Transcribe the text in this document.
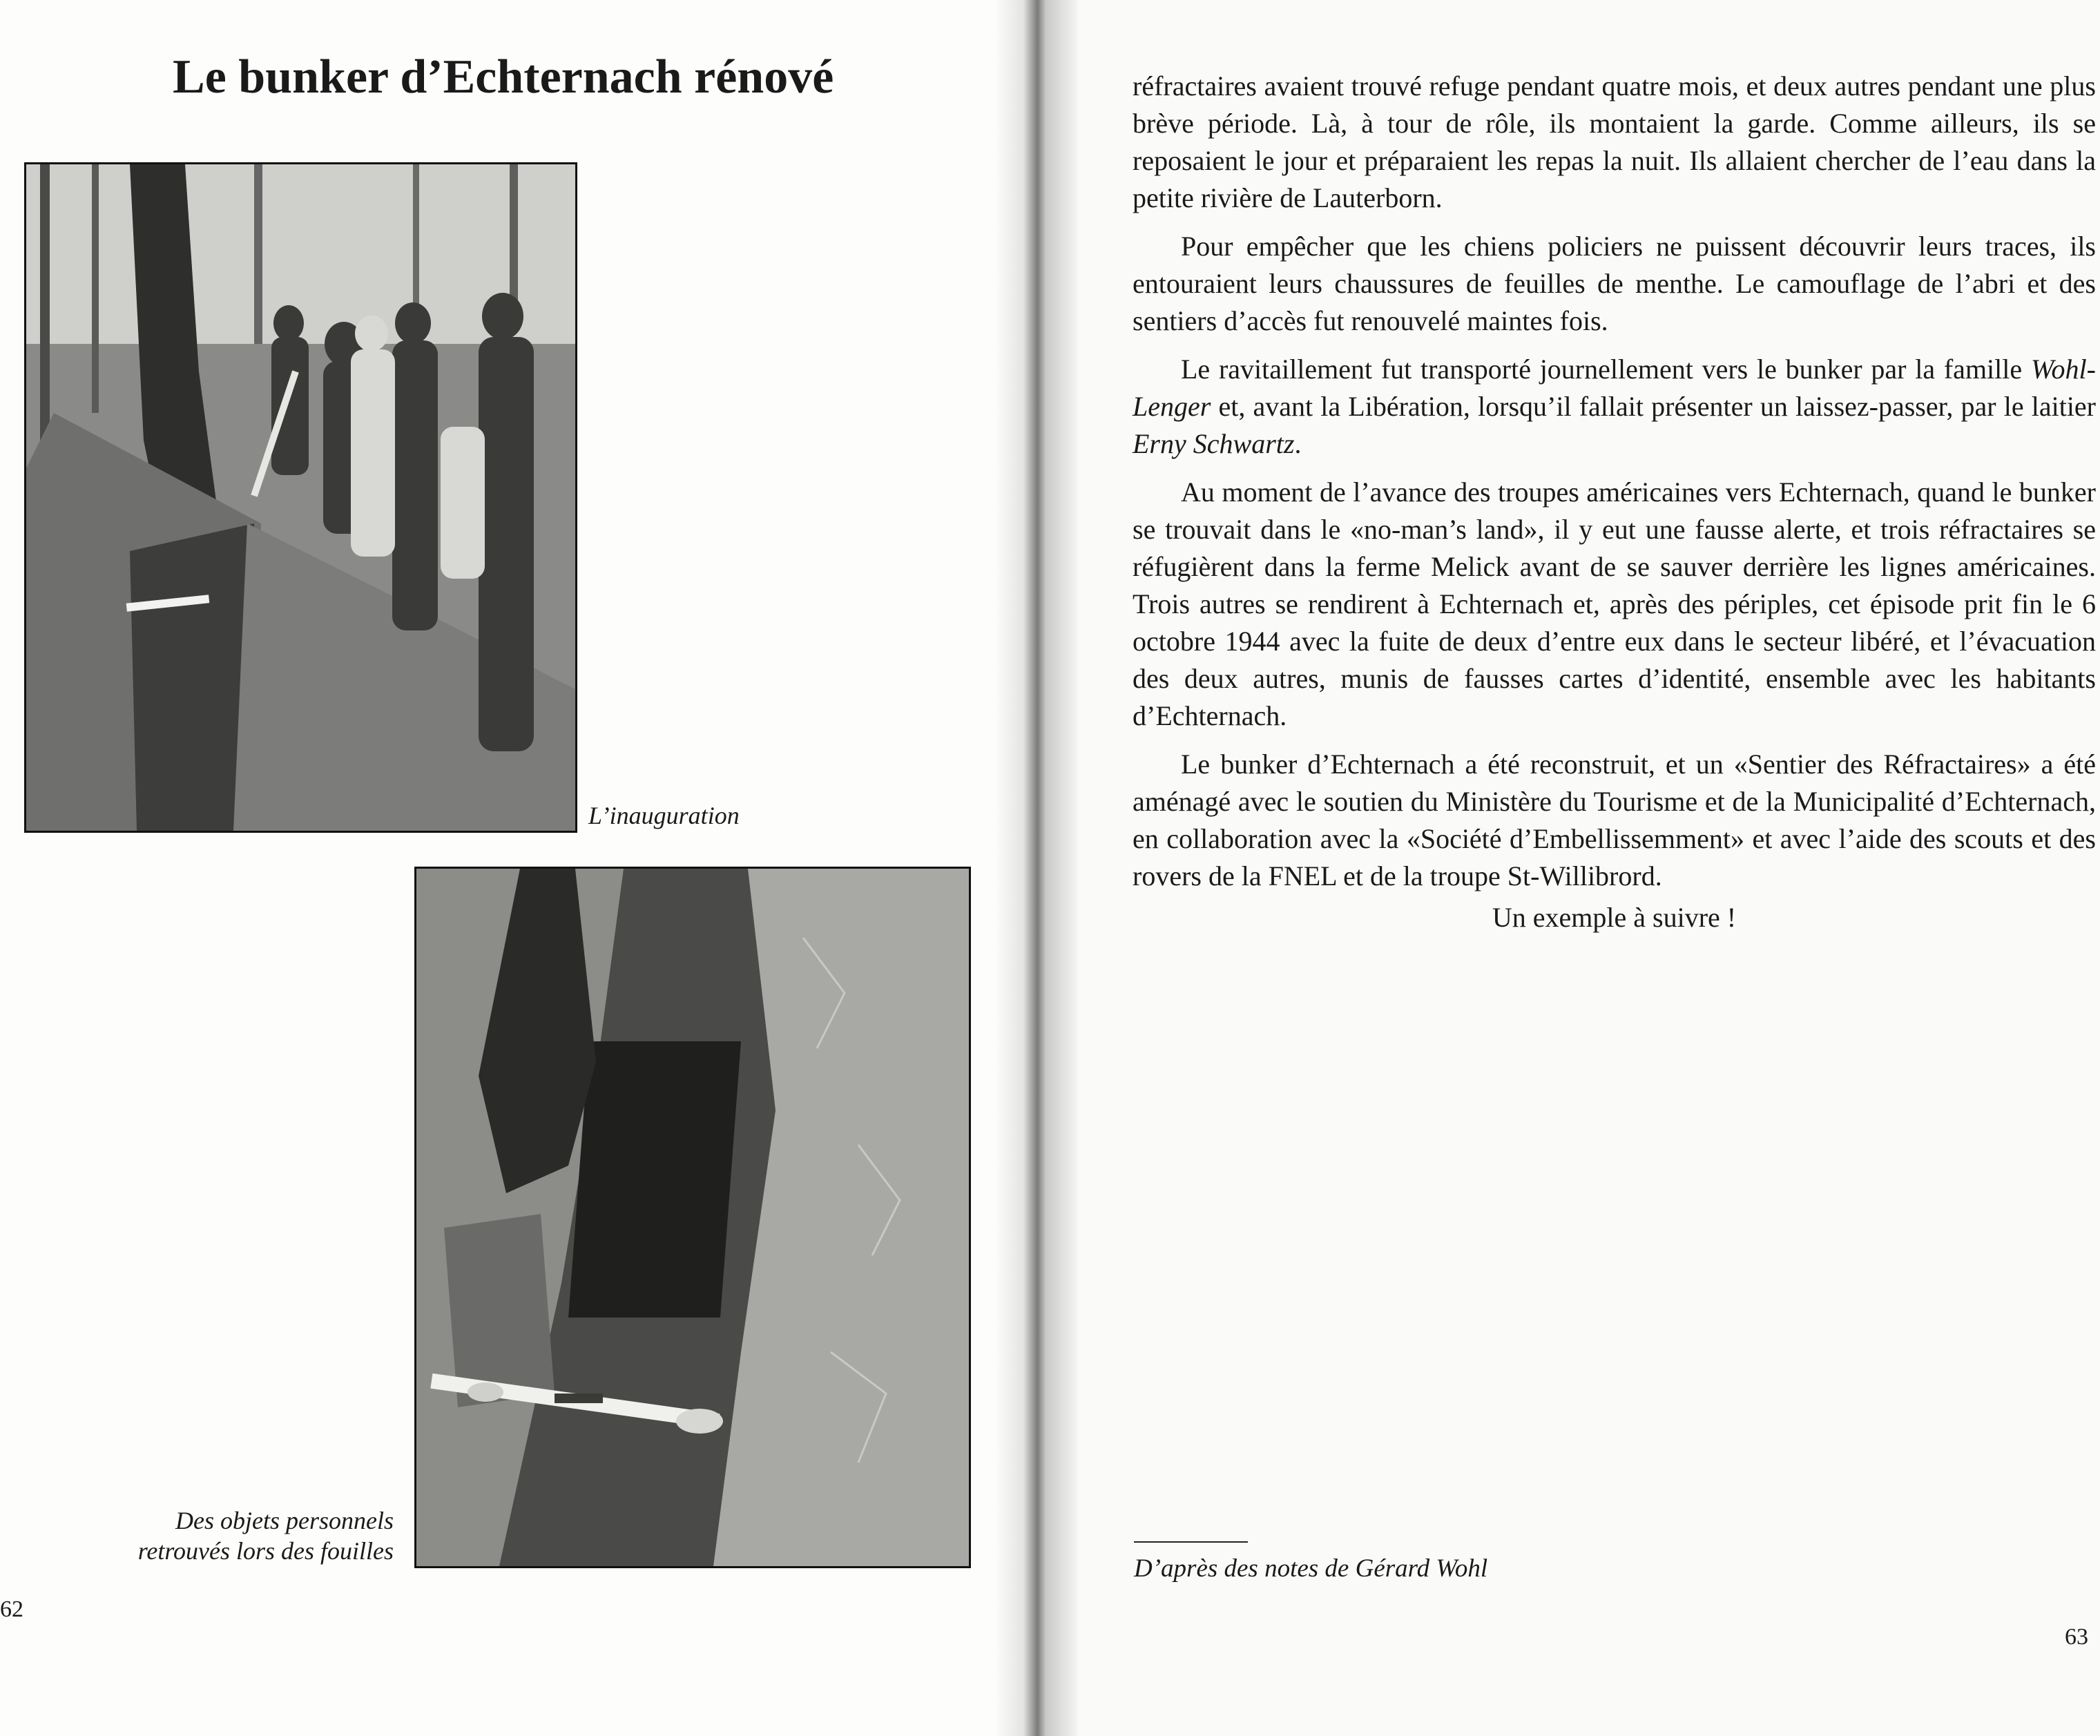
Le bunker d’Echternach rénové
L’inauguration
Des objets personnels
retrouvés lors des fouilles
62

réfractaires avaient trouvé refuge pendant quatre mois, et deux autres pendant une plus brève période. Là, à tour de rôle, ils montaient la garde. Comme ailleurs, ils se reposaient le jour et préparaient les repas la nuit. Ils allaient chercher de l’eau dans la petite rivière de Lauterborn.

Pour empêcher que les chiens policiers ne puissent découvrir leurs traces, ils entouraient leurs chaussures de feuilles de menthe. Le camouflage de l’abri et des sentiers d’accès fut renouvelé maintes fois.

Le ravitaillement fut transporté journellement vers le bunker par la famille Wohl-Lenger et, avant la Libération, lorsqu’il fallait présenter un laissez-passer, par le laitier Erny Schwartz.

Au moment de l’avance des troupes américaines vers Echternach, quand le bunker se trouvait dans le «no-man’s land», il y eut une fausse alerte, et trois réfractaires se réfugièrent dans la ferme Melick avant de se sauver derrière les lignes américaines. Trois autres se rendirent à Echternach et, après des périples, cet épisode prit fin le 6 octobre 1944 avec la fuite de deux d’entre eux dans le secteur libéré, et l’évacuation des deux autres, munis de fausses cartes d’identité, ensemble avec les habitants d’Echternach.

Le bunker d’Echternach a été reconstruit, et un «Sentier des Réfractaires» a été aménagé avec le soutien du Ministère du Tourisme et de la Municipalité d’Echternach, en collaboration avec la «Société d’Embellissemment» et avec l’aide des scouts et des rovers de la FNEL et de la troupe St-Willibrord.

Un exemple à suivre !

D’après des notes de Gérard Wohl
63
